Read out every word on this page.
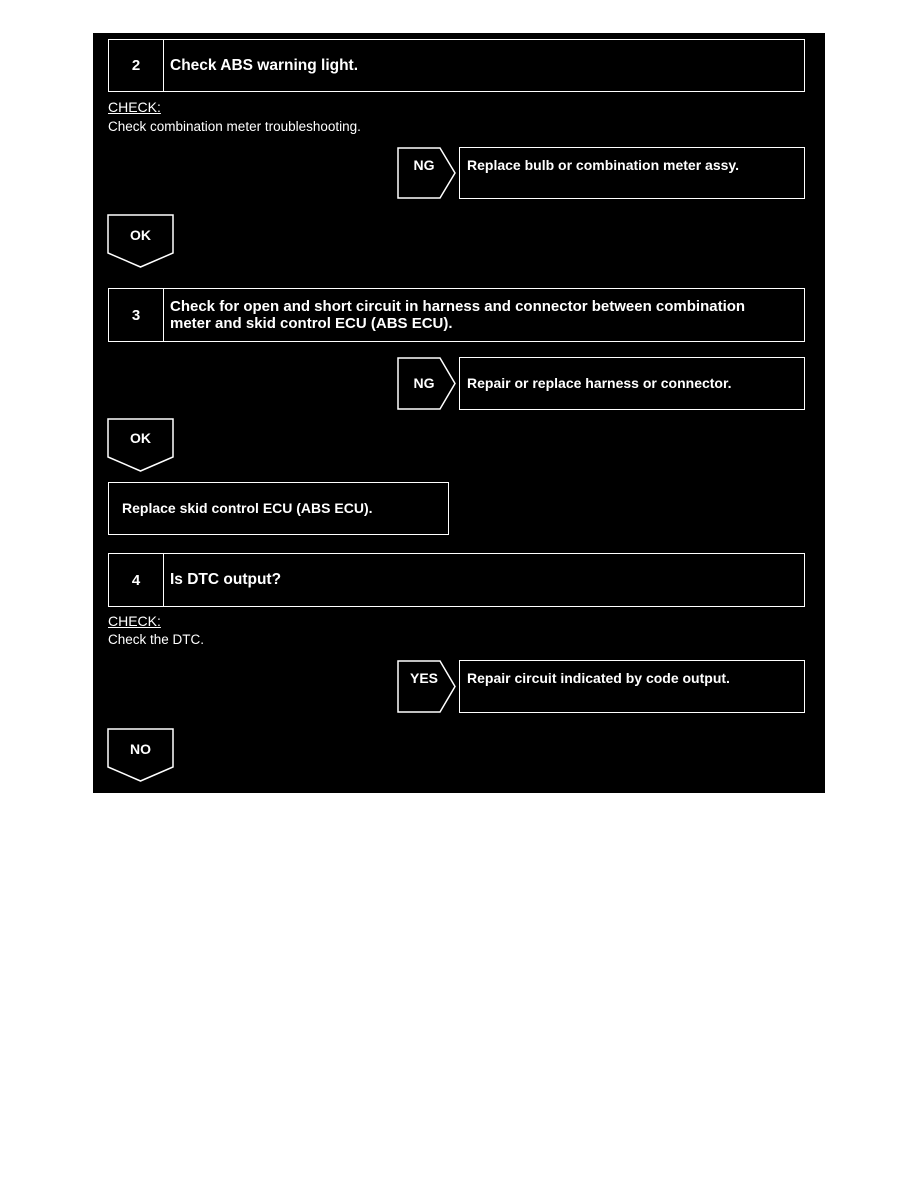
2	Check ABS warning light.
CHECK:
Check combination meter troubleshooting.
NG Replace bulb or combination meter assy.
OK
3	Check for open and short circuit in harness and connector between combination
meter and skid control ECU (ABS ECU).
NG Repair or replace harness or connector.
OK
Replace skid control ECU (ABS ECU).
4	Is DTC output?
CHECK:
Check the DTC.
YES Repair circuit indicated by code output.
NO
